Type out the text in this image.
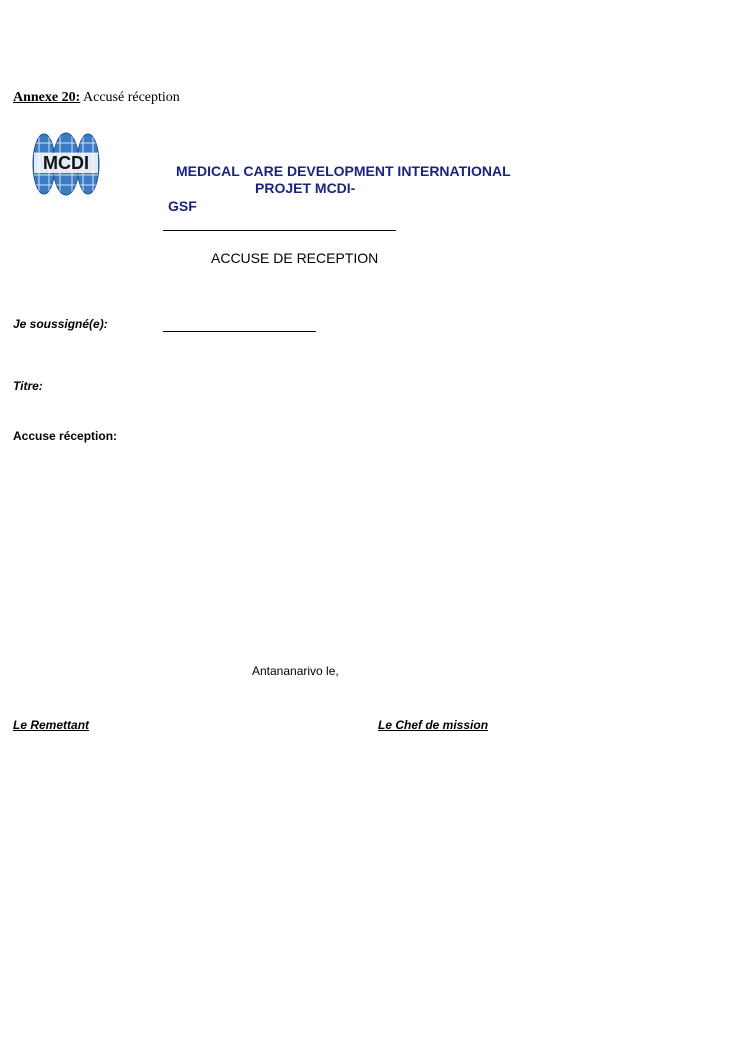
Annexe 20: Accusé réception
MCDI	MEDICAL CARE DEVELOPMENT INTERNATIONAL
PROJET MCDI-
GSF
ACCUSE DE RECEPTION
Je soussigné(e):
Titre:
Accuse réception:
Antananarivo le,
Le Remettant	Le Chef de mission
